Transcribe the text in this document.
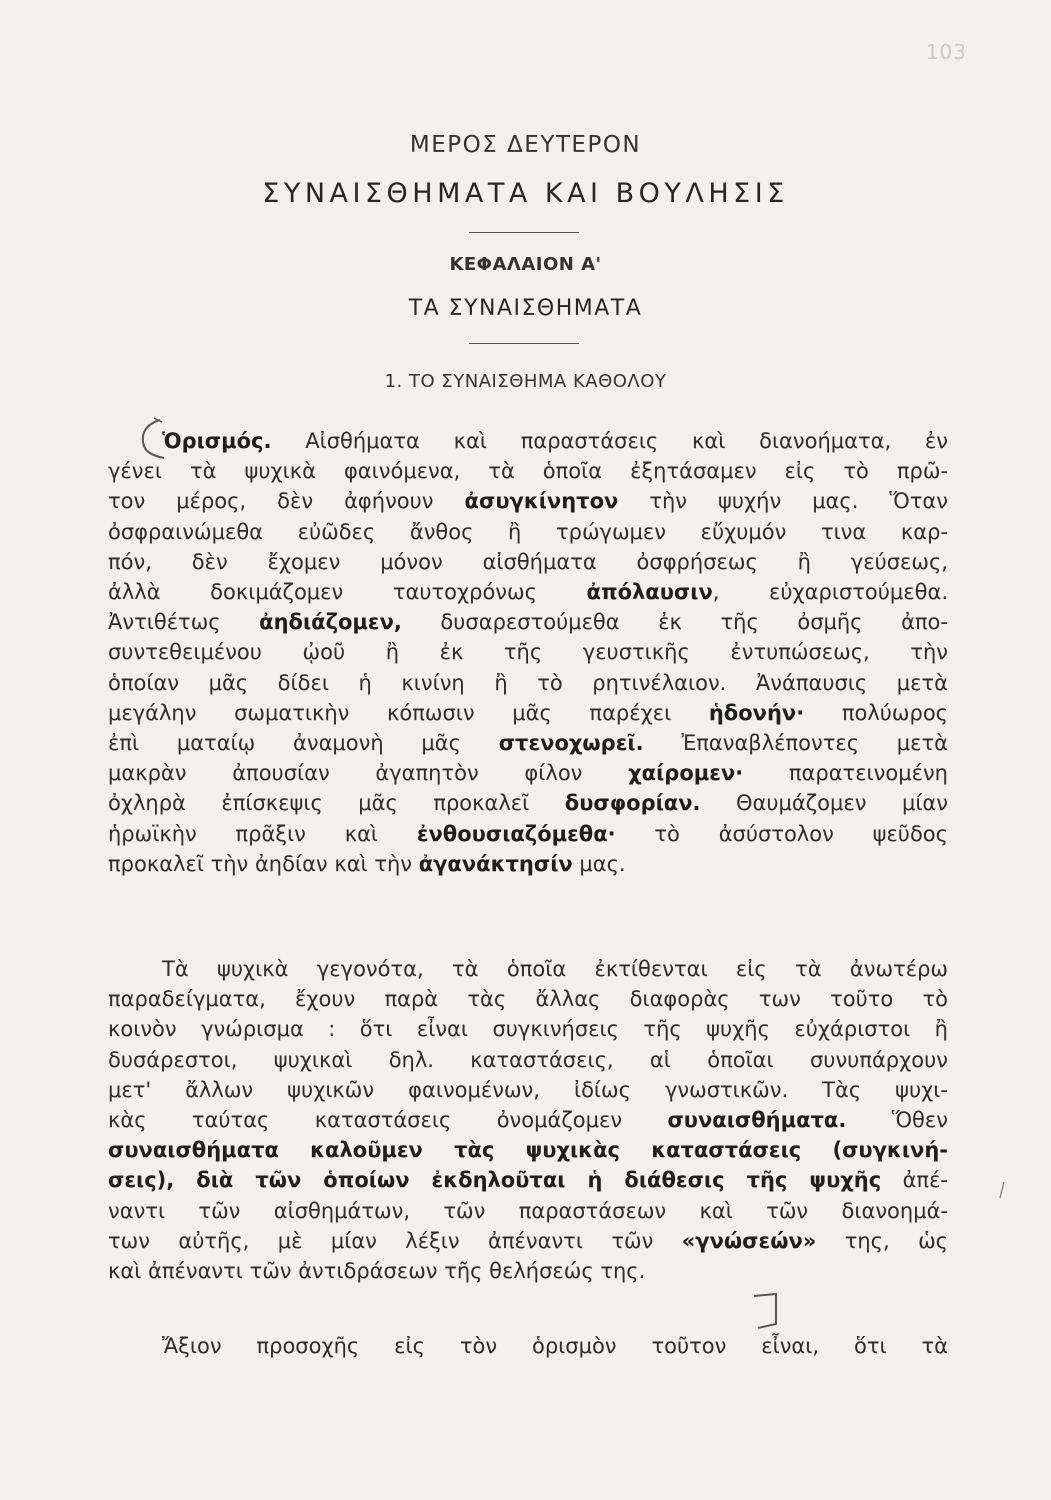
103
ΜΕΡΟΣ ΔΕΥΤΕΡΟΝ
ΣΥΝΑΙΣΘΗΜΑΤΑ ΚΑΙ ΒΟΥΛΗΣΙΣ
ΚΕΦΑΛΑΙΟΝ Α'
ΤΑ ΣΥΝΑΙΣΘΗΜΑΤΑ
1. ΤΟ ΣΥΝΑΙΣΘΗΜΑ ΚΑΘΟΛΟΥ
Ὁρισμός. Αἰσθήματα καὶ παραστάσεις καὶ διανοήματα, ἐν
γένει τὰ ψυχικὰ φαινόμενα, τὰ ὁποῖα ἐξητάσαμεν εἰς τὸ πρῶ-
τον μέρος, δὲν ἀφήνουν ἀσυγκίνητον τὴν ψυχήν μας. Ὅταν
ὀσφραινώμεθα εὐῶδες ἄνθος ἢ τρώγωμεν εὔχυμόν τινα καρ-
πόν, δὲν ἔχομεν μόνον αἰσθήματα ὀσφρήσεως ἢ γεύσεως,
ἀλλὰ δοκιμάζομεν ταυτοχρόνως ἀπόλαυσιν, εὐχαριστούμεθα.
Ἀντιθέτως ἀηδιάζομεν, δυσαρεστούμεθα ἐκ τῆς ὀσμῆς ἀπο-
συντεθειμένου ᾠοῦ ἢ ἐκ τῆς γευστικῆς ἐντυπώσεως, τὴν
ὁποίαν μᾶς δίδει ἡ κινίνη ἢ τὸ ρητινέλαιον. Ἀνάπαυσις μετὰ
μεγάλην σωματικὴν κόπωσιν μᾶς παρέχει ἡδονήν· πολύωρος
ἐπὶ ματαίῳ ἀναμονὴ μᾶς στενοχωρεῖ. Ἐπαναβλέποντες μετὰ
μακρὰν ἀπουσίαν ἀγαπητὸν φίλον χαίρομεν· παρατεινομένη
ὀχληρὰ ἐπίσκεψις μᾶς προκαλεῖ δυσφορίαν. Θαυμάζομεν μίαν
ἡρωϊκὴν πρᾶξιν καὶ ἐνθουσιαζόμεθα· τὸ ἀσύστολον ψεῦδος
προκαλεῖ τὴν ἀηδίαν καὶ τὴν ἀγανάκτησίν μας.
Τὰ ψυχικὰ γεγονότα, τὰ ὁποῖα ἐκτίθενται εἰς τὰ ἀνωτέρω
παραδείγματα, ἔχουν παρὰ τὰς ἄλλας διαφορὰς των τοῦτο τὸ
κοινὸν γνώρισμα : ὅτι εἶναι συγκινήσεις τῆς ψυχῆς εὐχάριστοι ἢ
δυσάρεστοι, ψυχικαὶ δηλ. καταστάσεις, αἱ ὁποῖαι συνυπάρχουν
μετ' ἄλλων ψυχικῶν φαινομένων, ἰδίως γνωστικῶν. Τὰς ψυχι-
κὰς ταύτας καταστάσεις ὀνομάζομεν συναισθήματα. Ὅθεν
συναισθήματα καλοῦμεν τὰς ψυχικὰς καταστάσεις (συγκινή-
σεις), διὰ τῶν ὁποίων ἐκδηλοῦται ἡ διάθεσις τῆς ψυχῆς ἀπέ-
ναντι τῶν αἰσθημάτων, τῶν παραστάσεων καὶ τῶν διανοημά-
των αὐτῆς, μὲ μίαν λέξιν ἀπέναντι τῶν «γνώσεών» της, ὡς
καὶ ἀπέναντι τῶν ἀντιδράσεων τῆς θελήσεώς της.
Ἄξιον προσοχῆς εἰς τὸν ὁρισμὸν τοῦτον εἶναι, ὅτι τὰ
